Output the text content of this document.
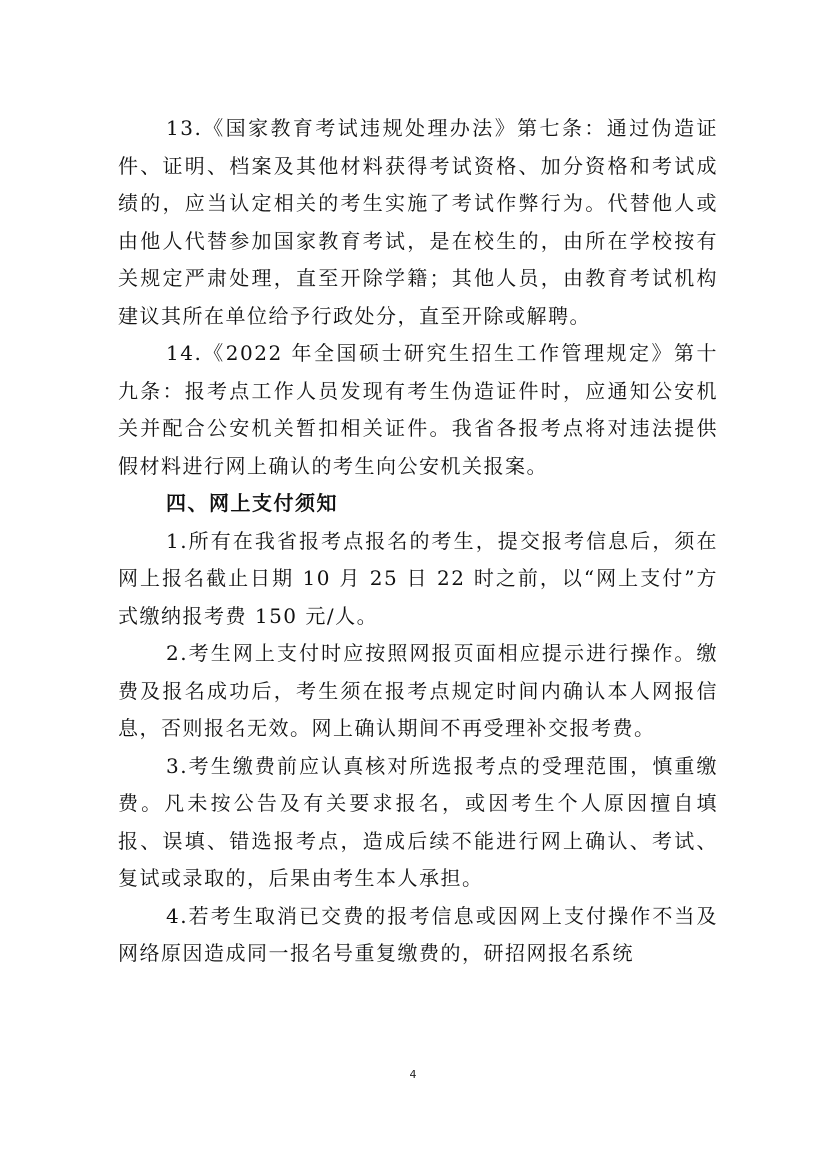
13.《国家教育考试违规处理办法》第七条：通过伪造证件、证明、档案及其他材料获得考试资格、加分资格和考试成绩的，应当认定相关的考生实施了考试作弊行为。代替他人或由他人代替参加国家教育考试，是在校生的，由所在学校按有关规定严肃处理，直至开除学籍；其他人员，由教育考试机构建议其所在单位给予行政处分，直至开除或解聘。

14.《2022 年全国硕士研究生招生工作管理规定》第十九条：报考点工作人员发现有考生伪造证件时，应通知公安机关并配合公安机关暂扣相关证件。我省各报考点将对违法提供假材料进行网上确认的考生向公安机关报案。

四、网上支付须知

1.所有在我省报考点报名的考生，提交报考信息后，须在网上报名截止日期 10 月 25 日 22 时之前，以“网上支付”方式缴纳报考费 150 元/人。

2.考生网上支付时应按照网报页面相应提示进行操作。缴费及报名成功后，考生须在报考点规定时间内确认本人网报信息，否则报名无效。网上确认期间不再受理补交报考费。

3.考生缴费前应认真核对所选报考点的受理范围，慎重缴费。凡未按公告及有关要求报名，或因考生个人原因擅自填报、误填、错选报考点，造成后续不能进行网上确认、考试、复试或录取的，后果由考生本人承担。

4.若考生取消已交费的报考信息或因网上支付操作不当及网络原因造成同一报名号重复缴费的，研招网报名系统

4
